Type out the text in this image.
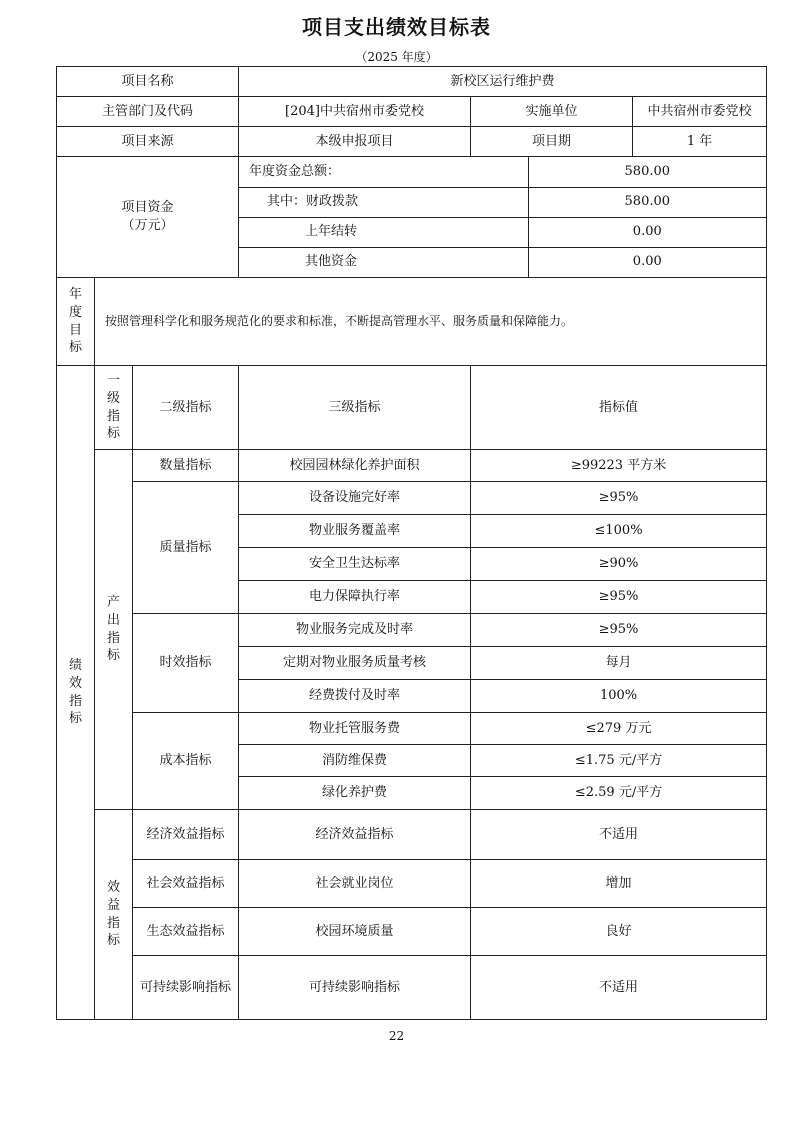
项目支出绩效目标表
（2025 年度）
项目名称	新校区运行维护费
主管部门及代码	[204]中共宿州市委党校	实施单位	中共宿州市委党校
项目来源	本级申报项目	项目期	1 年

项目资金
（万元）

年度资金总额：	580.00
其中：财政拨款	580.00
上年结转	0.00
其他资金	0.00

年
度
目
标
	按照管理科学化和服务规范化的要求和标准，不断提高管理水平、服务质量和保障能力。

绩
效
指
标

一
级
指
标
	二级指标	三级指标	指标值

产
出
指
标
	数量指标	校园园林绿化养护面积	≥99223 平方米
质量指标	设备设施完好率	≥95%
物业服务覆盖率	≤100%
安全卫生达标率	≥90%
电力保障执行率	≥95%
时效指标	物业服务完成及时率	≥95%
定期对物业服务质量考核	每月
经费拨付及时率	100%
成本指标	物业托管服务费	≤279 万元
消防维保费	≤1.75 元/平方
绿化养护费	≤2.59 元/平方

效
益
指
标
	经济效益指标	经济效益指标	不适用
社会效益指标	社会就业岗位	增加
生态效益指标	校园环境质量	良好
可持续影响指标	可持续影响指标	不适用
22
